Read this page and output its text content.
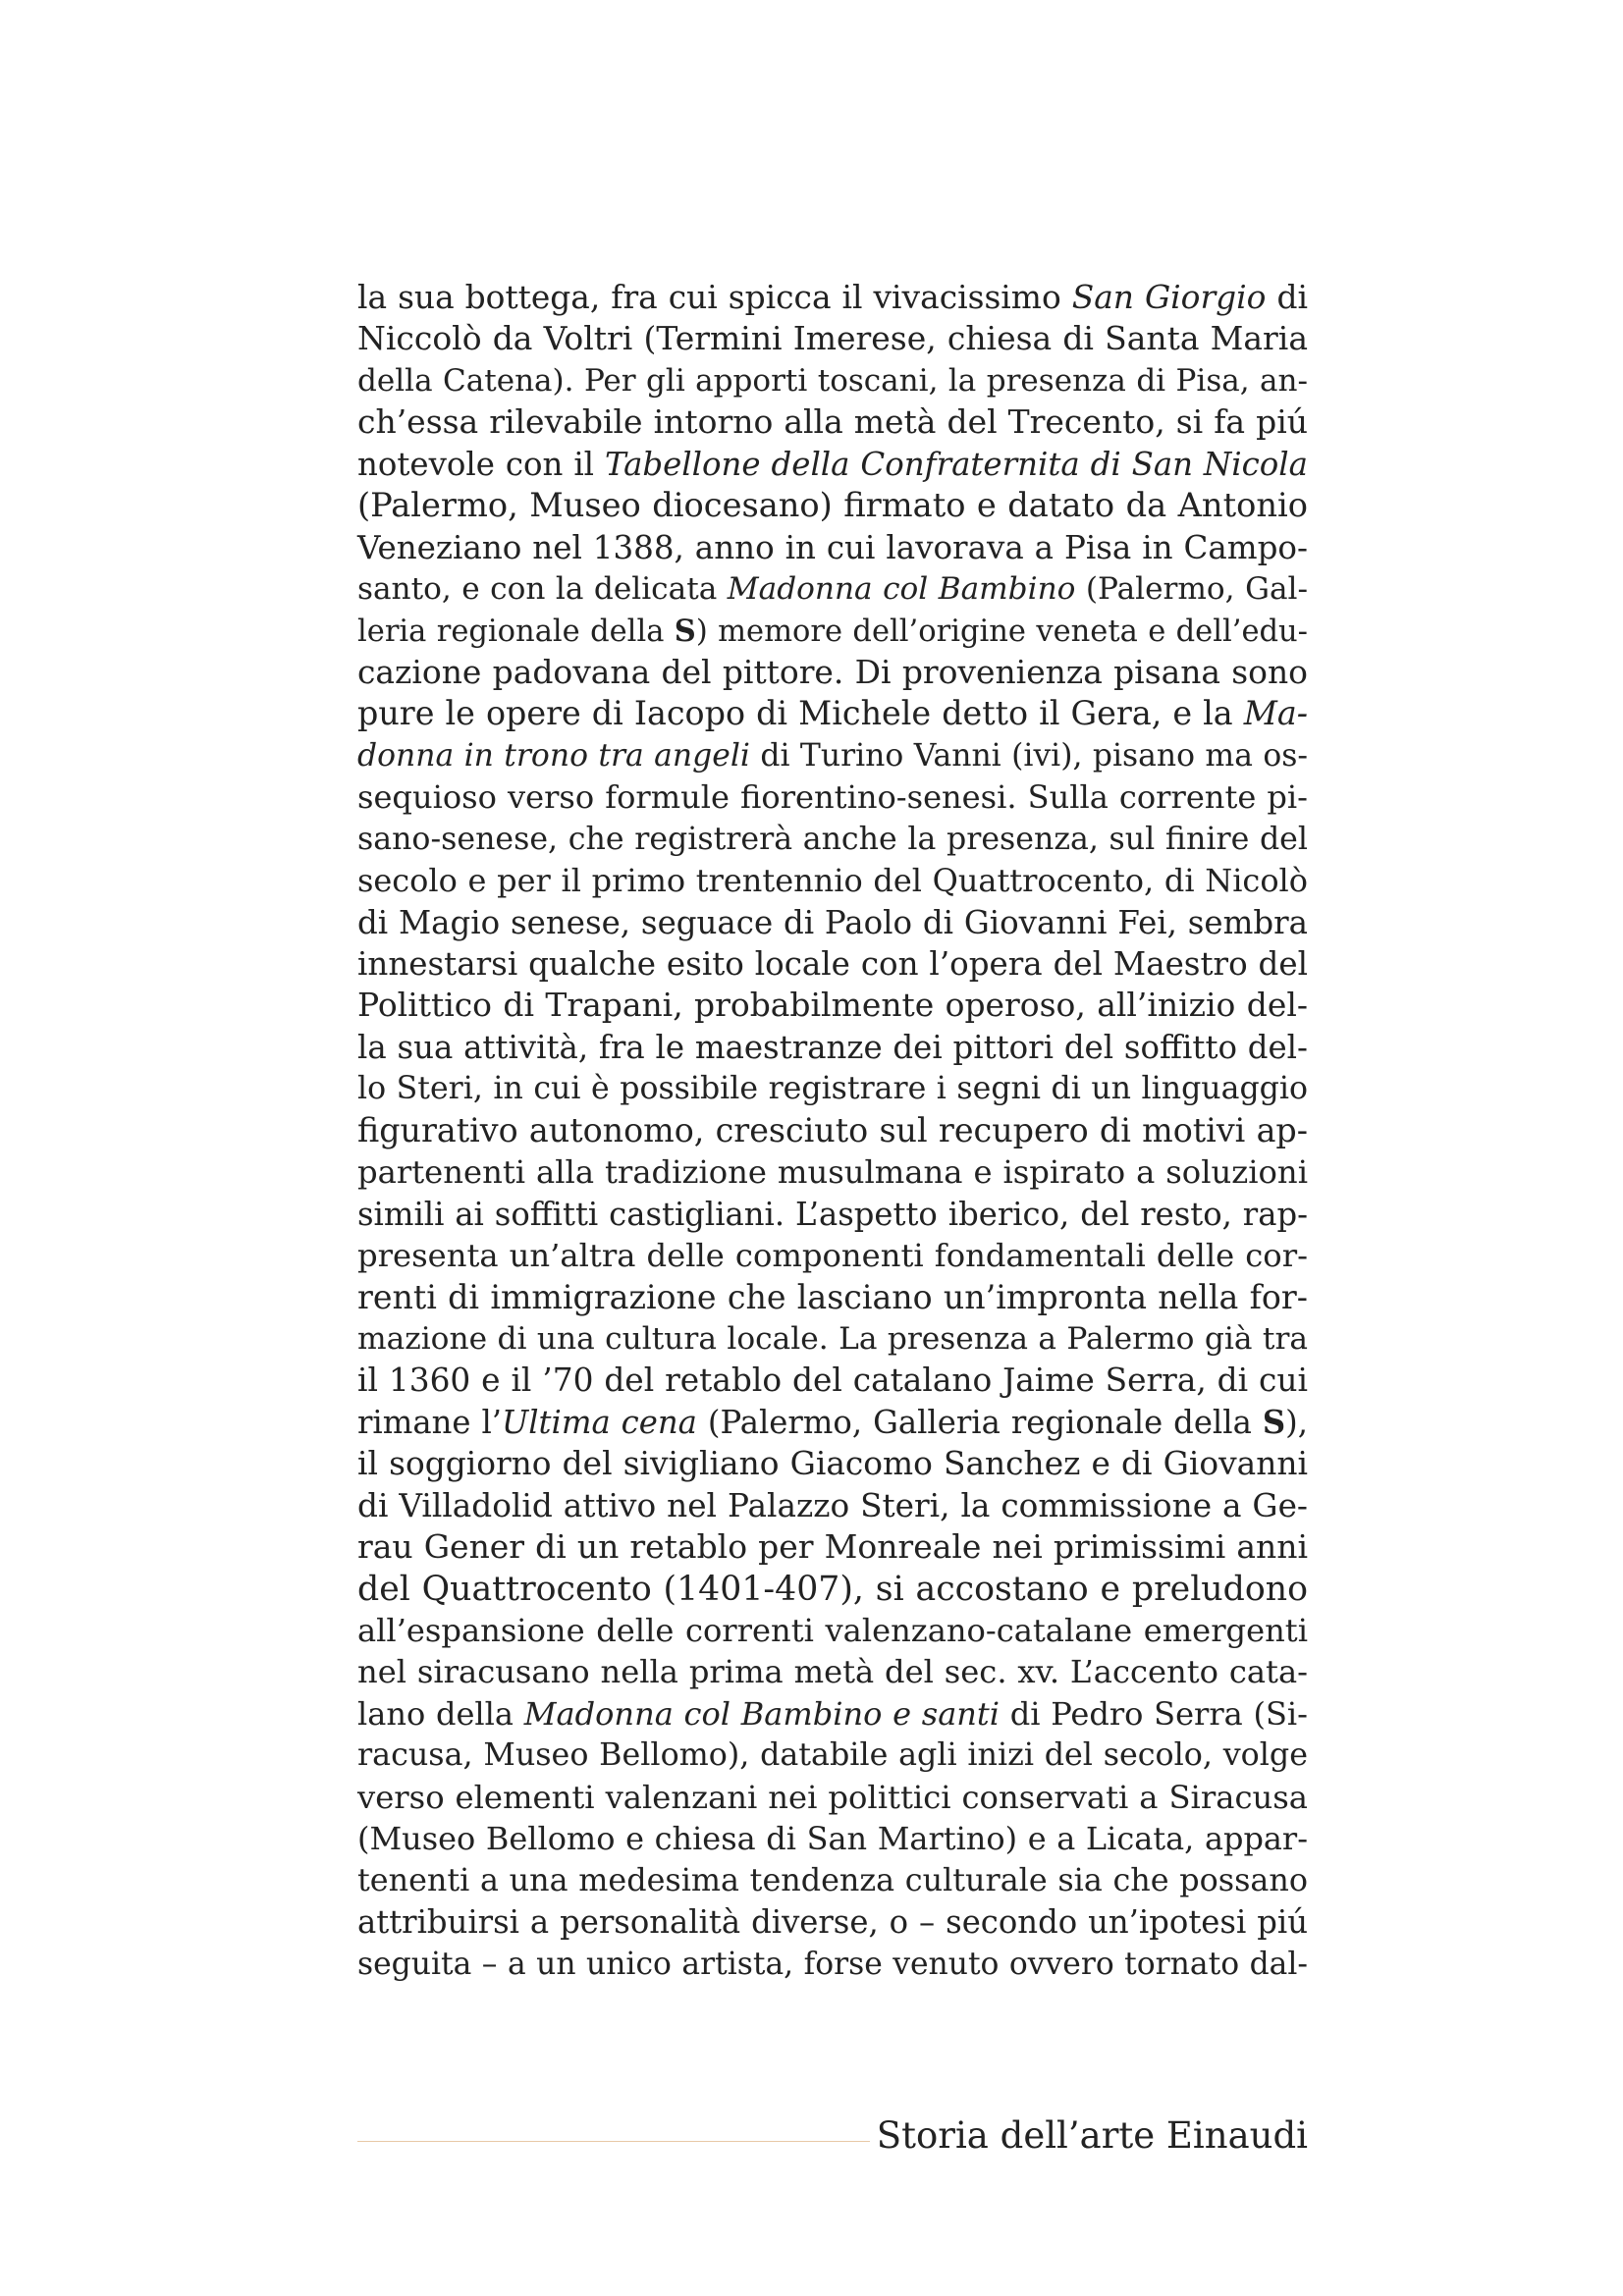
la sua bottega, fra cui spicca il vivacissimo San Giorgio di
Niccolò da Voltri (Termini Imerese, chiesa di Santa Maria
della Catena). Per gli apporti toscani, la presenza di Pisa, an-
ch’essa rilevabile intorno alla metà del Trecento, si fa piú
notevole con il Tabellone della Confraternita di San Nicola
(Palermo, Museo diocesano) firmato e datato da Antonio
Veneziano nel 1388, anno in cui lavorava a Pisa in Campo-
santo, e con la delicata Madonna col Bambino (Palermo, Gal-
leria regionale della S) memore dell’origine veneta e dell’edu-
cazione padovana del pittore. Di provenienza pisana sono
pure le opere di Iacopo di Michele detto il Gera, e la Ma-
donna in trono tra angeli di Turino Vanni (ivi), pisano ma os-
sequioso verso formule fiorentino-senesi. Sulla corrente pi-
sano-senese, che registrerà anche la presenza, sul finire del
secolo e per il primo trentennio del Quattrocento, di Nicolò
di Magio senese, seguace di Paolo di Giovanni Fei, sembra
innestarsi qualche esito locale con l’opera del Maestro del
Polittico di Trapani, probabilmente operoso, all’inizio del-
la sua attività, fra le maestranze dei pittori del soffitto del-
lo Steri, in cui è possibile registrare i segni di un linguaggio
figurativo autonomo, cresciuto sul recupero di motivi ap-
partenenti alla tradizione musulmana e ispirato a soluzioni
simili ai soffitti castigliani. L’aspetto iberico, del resto, rap-
presenta un’altra delle componenti fondamentali delle cor-
renti di immigrazione che lasciano un’impronta nella for-
mazione di una cultura locale. La presenza a Palermo già tra
il 1360 e il ’70 del retablo del catalano Jaime Serra, di cui
rimane l’Ultima cena (Palermo, Galleria regionale della S),
il soggiorno del sivigliano Giacomo Sanchez e di Giovanni
di Villadolid attivo nel Palazzo Steri, la commissione a Ge-
rau Gener di un retablo per Monreale nei primissimi anni
del Quattrocento (1401-407), si accostano e preludono
all’espansione delle correnti valenzano-catalane emergenti
nel siracusano nella prima metà del sec. xv. L’accento cata-
lano della Madonna col Bambino e santi di Pedro Serra (Si-
racusa, Museo Bellomo), databile agli inizi del secolo, volge
verso elementi valenzani nei polittici conservati a Siracusa
(Museo Bellomo e chiesa di San Martino) e a Licata, appar-
tenenti a una medesima tendenza culturale sia che possano
attribuirsi a personalità diverse, o – secondo un’ipotesi piú
seguita – a un unico artista, forse venuto ovvero tornato dal-
Storia dell’arte Einaudi
